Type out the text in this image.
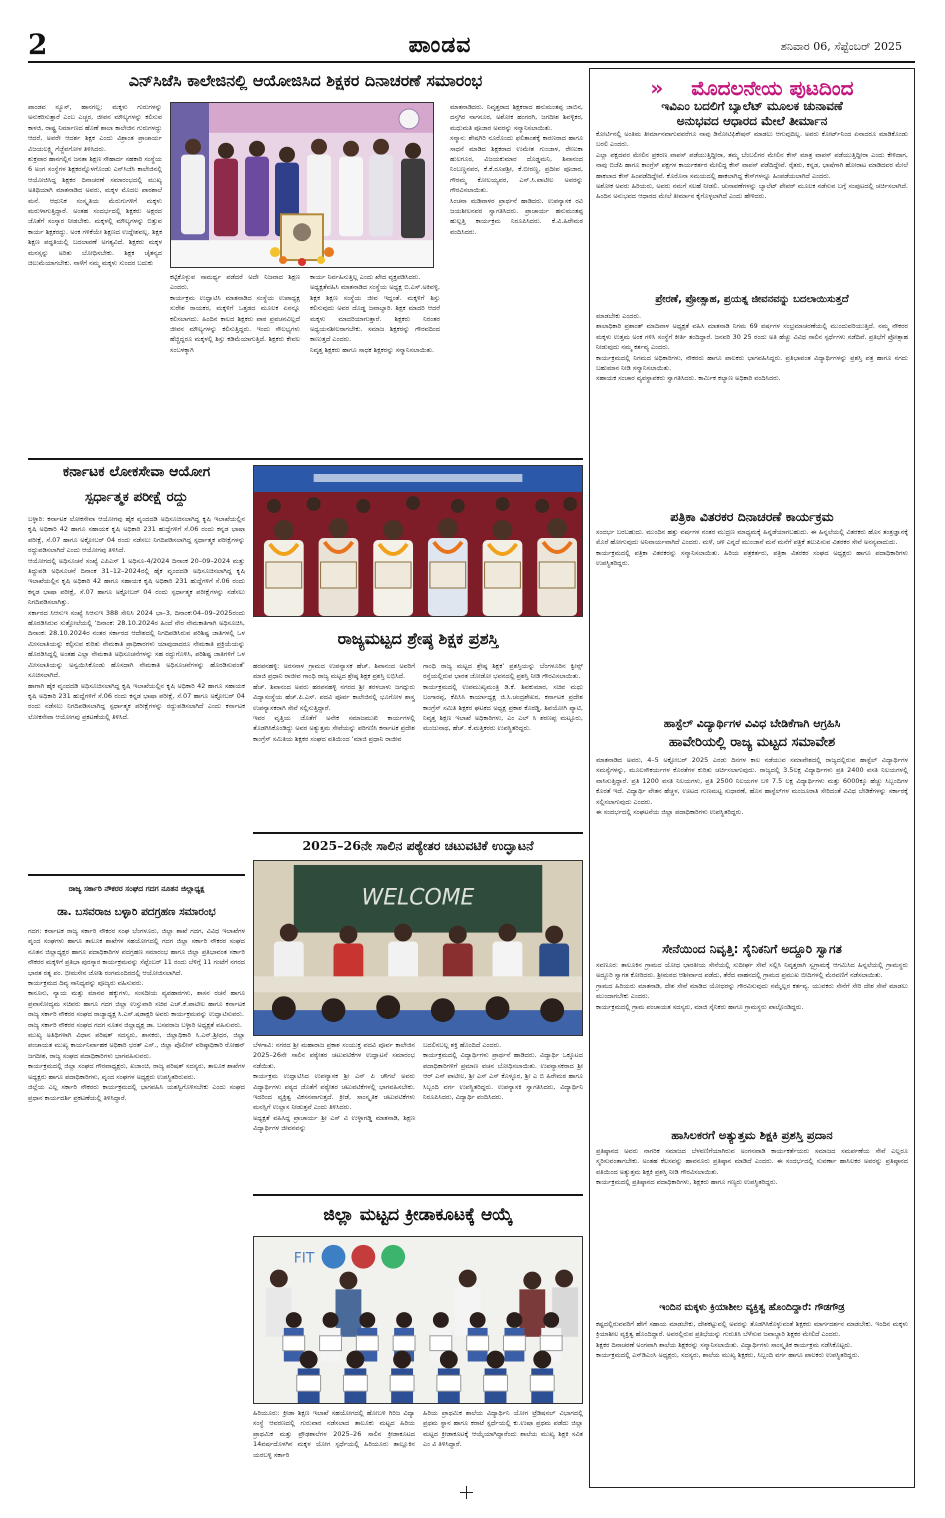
2	ಪಾಂಡವ	ಶನಿವಾರ 06, ಸೆಪ್ಟೆಂಬರ್ 2025
ಎನ್‌ಸಿಜೆಸಿ ಕಾಲೇಜಿನಲ್ಲಿ ಆಯೋಜಿಸಿದ ಶಿಕ್ಷಕರ ದಿನಾಚರಣೆ ಸಮಾರಂಭ
ಪಾಂಡವ ನ್ಯೂಸ್, ಹಾನಗಲ್ಲ: ಮಕ್ಕಳು ಗುರುಗಳನ್ನು ಅನುಕರಿಸುತ್ತಾರೆ ಎಂಬ ಎಚ್ಚರ, ಜೀವನ ಮೌಲ್ಯಗಳನ್ನು ಕಲಿಸುವ ಕಾಳಜಿ, ರಾಷ್ಟ್ರ ನಿರ್ಮಾಣದ ಹೊಣೆ ಶಾಲಾ ಕಾಲೇಜಿನ ಗುರುಗಳದ್ದು ಆದರೆ, ಅವರೇ ಆದರ್ಶ ಶಿಕ್ಷಕ ಎಂದು ವಿಶ್ರಾಂತ ಪ್ರಾಚಾರ್ಯ ವಿಜಯಲಕ್ಷ್ಮಿ ಗೆಜ್ಜೆವಗೋಳ ತಿಳಿಸಿದರು.
ಶುಕ್ರವಾರ ಹಾನಗಲ್ಲಿನ ಜನತಾ ಶಿಕ್ಷಣ ಸೌಹಾರ್ದ ಸಹಕಾರಿ ಸಂಸ್ಥೆಯ 6 ಅಂಗ ಸಂಸ್ಥೆಗಳ ಶಿಕ್ಷಕರನ್ನೊಳಗೊಂಡು ಎನ್‌ಸಿಜೆಸಿ ಕಾಲೇಜಿನಲ್ಲಿ ಆಯೋಜಿಸಿದ್ದ ಶಿಕ್ಷಕರ ದಿನಾಚರಣೆ ಸಮಾರಂಭದಲ್ಲಿ ಮುಖ್ಯ ಅತಿಥಿಯಾಗಿ ಮಾತನಾಡಿದ ಅವರು, ಮಕ್ಕಳ ಮೊದಲ ಪಾಠಶಾಲೆ ಮನೆ. ಆಧುನಿಕ ಸಂಸ್ಕೃತಿಯ ಮೆರುಗುಗಳಿಗೆ ಮಕ್ಕಳು ಮರುಳಾಗುತ್ತಿದ್ದಾರೆ. ಅಂತಹ ಸಂದರ್ಭದಲ್ಲಿ ಶಿಕ್ಷಕರು ಅಕ್ಷರದ ಜೊತೆಗೆ ಸಂಸ್ಕಾರ ನೀಡಬೇಕು. ಮಕ್ಕಳಲ್ಲಿ ಮೌಲ್ಯಗಳನ್ನು ಬಿತ್ತುವ ಕಾರ್ಯ ಶಿಕ್ಷಕರದ್ದು. ಅಂಕ ಗಳಿಕೆಯೇ ಶಿಕ್ಷಣದ ಉದ್ದೇಶವಲ್ಲ. ಶಿಕ್ಷಕ ಶಿಕ್ಷಣ ಪದ್ಧತಿಯಲ್ಲಿ ಬದಲಾವಣೆ ಅಗತ್ಯವಿದೆ. ಶಿಕ್ಷಕರು ಮಕ್ಕಳ ಮನಸ್ಸನ್ನು ಅರಿತು ಬೋಧಿಸಬೇಕು. ಶಿಕ್ಷಕ ಚೈತನ್ಯದ ಚಿಲುಮೆಯಾಗಬೇಕು. ನಾಳೆಗೆ ನಮ್ಮ ಮಕ್ಕಳು ಸುಂದರ ಬದುಕು
ಕಟ್ಟಿಕೊಳ್ಳುವ ಸಾಮರ್ಥ್ಯ ಪಡೆದರೆ ಅದೇ ನಿಜವಾದ ಶಿಕ್ಷಣ ಎಂದರು.
ಕಾರ್ಯಕ್ರಮ ಉದ್ಘಾಟಿಸಿ ಮಾತನಾಡಿದ ಸಂಸ್ಥೆಯ ಉಪಾಧ್ಯಕ್ಷ ಸುರೇಶ ರಾಯಕರ, ಮಕ್ಕಳಿಗೆ ಒತ್ತಡದ ಮೂಲಕ ಏನನ್ನೂ ಕಲಿಸಲಾಗದು. ಹಿಂದಿನ ಕಾಲದ ಶಿಕ್ಷಕರು ಪಾಠ ಪ್ರವಚನವಿಲ್ಲದೆ ಜೀವನ ಮೌಲ್ಯಗಳನ್ನು ಕಲಿಸುತ್ತಿದ್ದರು. ಇಂದು ಸೌಲಭ್ಯಗಳು ಹೆಚ್ಚಿದ್ದರೂ ಮಕ್ಕಳಲ್ಲಿ ಶಿಸ್ತು ಕಡಿಮೆಯಾಗುತ್ತಿದೆ. ಶಿಕ್ಷಕರು ಕೇವಲ ಸಂಬಳಕ್ಕಾಗಿ
ಕಾರ್ಯ ನಿರ್ವಹಿಸುತ್ತಿಲ್ಲ ಎಂದು ಖೇದ ವ್ಯಕ್ತಪಡಿಸಿದರು.
ಅಧ್ಯಕ್ಷತೆವಹಿಸಿ ಮಾತನಾಡಿದ ಸಂಸ್ಥೆಯ ಅಧ್ಯಕ್ಷ ಬಿ.ಎಸ್.ಅಕಿವಳ್ಳಿ, ಶಿಕ್ಷಕ ಶಿಕ್ಷಣ ಸಂಸ್ಥೆಯ ಜೀವ ಇದ್ದಂತೆ. ಮಕ್ಕಳಿಗೆ ಶಿಸ್ತು ಕಲಿಸುವುದು ಅವರ ದೊಡ್ಡ ಜವಾಬ್ದಾರಿ. ಶಿಕ್ಷಕ ಮಾದರಿ ಆದರೆ ಮಕ್ಕಳು ಮಾದರಿಯಾಗುತ್ತಾರೆ. ಶಿಕ್ಷಕರು ನಿರಂತರ ಅಧ್ಯಯನಶೀಲರಾಗಬೇಕು. ಸಮಾಜ ಶಿಕ್ಷಕರನ್ನು ಗೌರವದಿಂದ ಕಾಣುತ್ತದೆ ಎಂದರು.
ನಿವೃತ್ತ ಶಿಕ್ಷಕರು ಹಾಗೂ ಸಾಧಕ ಶಿಕ್ಷಕರನ್ನು ಸನ್ಮಾನಿಸಲಾಯಿತು.
ಮಾತನಾಡಿದರು. ನಿವೃತ್ತರಾದ ಶಿಕ್ಷಕರಾದ ಹನುಮಂತಪ್ಪ ಜಾಬಿನ, ದಸ್ತಗಿರ ನಾಗನೂರ, ಅಶೋಕ ಹಂಗರಗಿ, ಜಗದೀಶ ಶಿವಳ್ಳಿಕರ, ಮಧುಮತಿ ಪೂಜಾರ ಅವರನ್ನು ಸನ್ಮಾನಿಸಲಾಯಿತು.
ಸನ್ಮಾನ: ಶೇಷಗಿರಿ ನೂರೊಂದು ಫಲಿತಾಂಶಕ್ಕೆ ಕಾರಣರಾದ ಹಾಗೂ ಸಾಧನೆ ಮಾಡಿದ ಶಿಕ್ಷಕರಾದ ಉಮೇಶ ಗುಂಜಾಳ, ರೇಣುಕಾ ಹುಲಗೂರ, ವಿಜಯಕುಮಾರ ದೊಡ್ಡಮನಿ, ಶಿವಾನಂದ ನಿಂಬಣ್ಣನವರ, ಕೆ.ಕೆ.ರೂಪಶ್ರೀ, ಕೆ.ಬೀರಣ್ಣ, ಪ್ರದೀಪ ಪೂಜಾರ, ಗೌರಮ್ಮ ಕೋಲಯ್ಯವರ, ಎಸ್.ಸಿ.ಪಾಟೀಲ ಅವರನ್ನು ಗೌರವಿಸಲಾಯಿತು.
ಸಿಂಚನಾ ಮಡಿವಾಳರ ಪ್ರಾರ್ಥನೆ ಹಾಡಿದರು. ಉಪನ್ಯಾಸಕ ರವಿ ಜಯಶೀಲನವರ ಸ್ವಾಗತಿಸಿದರು. ಪ್ರಾಚಾರ್ಯ ಹನುಮಂತಪ್ಪ ಹುಲ್ಲತ್ತಿ ಕಾರ್ಯಕ್ರಮ ನಿರೂಪಿಸಿದರು. ಕೆ.ವಿ.ಹಿರೇಮಠ ವಂದಿಸಿದರು.
ಕರ್ನಾಟಕ ಲೋಕಸೇವಾ ಆಯೋಗ
ಸ್ಪರ್ಧಾತ್ಮಕ ಪರೀಕ್ಷೆ ರದ್ದು
ಬಳ್ಳಾರಿ: ಕರ್ನಾಟಕ ಲೋಕಸೇವಾ ಆಯೋಗವು ಹೈಕ ವೃಂದದಡಿ ಅಧಿಸೂಚಿಸಲಾಗಿದ್ದ ಕೃಷಿ ಇಲಾಖೆಯಲ್ಲಿನ ಕೃಷಿ ಅಧಿಕಾರಿ 42 ಹಾಗೂ ಸಹಾಯಕ ಕೃಷಿ ಅಧಿಕಾರಿ 231 ಹುದ್ದೆಗಳಿಗೆ ಸೆ.06 ರಂದು ಕನ್ನಡ ಭಾಷಾ ಪರೀಕ್ಷೆ, ಸೆ.07 ಹಾಗೂ ಅಕ್ಟೋಬರ್ 04 ರಂದು ನಡೆಸಲು ನಿಗದಿಪಡಿಸಲಾಗಿದ್ದ ಸ್ಪರ್ಧಾತ್ಮಕ ಪರೀಕ್ಷೆಗಳನ್ನು ರದ್ದುಪಡಿಸಲಾಗಿದೆ ಎಂದು ಆಯೋಗವು ತಿಳಿಸಿದೆ.
ಆಯೋಗದಲ್ಲಿ ಅಧಿಸೂಚನೆ ಸಂಖ್ಯೆ ಎಪಿಎಸ್ 1 ಅಧಿಸೂ-4/2024 ದಿನಾಂಕ 20–09–2024 ಮತ್ತು ತಿದ್ದುಪಡಿ ಅಧಿಸೂಚನೆ ದಿನಾಂಕ 31–12–2024ರಲ್ಲಿ ಹೈಕ ವೃಂದದಡಿ ಅಧಿಸೂಚಿಸಲಾಗಿದ್ದ ಕೃಷಿ ಇಲಾಖೆಯಲ್ಲಿನ ಕೃಷಿ ಅಧಿಕಾರಿ 42 ಹಾಗೂ ಸಹಾಯಕ ಕೃಷಿ ಅಧಿಕಾರಿ 231 ಹುದ್ದೆಗಳಿಗೆ ಸೆ.06 ರಂದು ಕನ್ನಡ ಭಾಷಾ ಪರೀಕ್ಷೆ, ಸೆ.07 ಹಾಗೂ ಅಕ್ಟೋಬರ್ 04 ರಂದು ಸ್ಪರ್ಧಾತ್ಮಕ ಪರೀಕ್ಷೆಗಳನ್ನು ನಡೆಸಲು ನಿಗದಿಪಡಿಸಲಾಗಿತ್ತು.
ಸರ್ಕಾರದ ಸಿಆಸುಇ ಸಂಖ್ಯೆ ಸಿಆಸುಇ 388 ಸೇನಿಸಿ 2024 ಭಾ–3, ದಿನಾಂಕ:04–09–2025ರಂದು ಹೊರಡಿಸಿರುವ ಸುತ್ತೋಲೆಯಲ್ಲಿ ‘ದಿನಾಂಕ: 28.10.2024ರ ಹಿಂದೆ ನೇರ ನೇಮಕಾತಿಗಾಗಿ ಅಧಿಸೂಚಿಸಿ, ದಿನಾಂಕ: 28.10.2024ರ ನಂತರ ಸರ್ಕಾರದ ಆದೇಶದಲ್ಲಿ ನಿಗದಿಪಡಿಸಿರುವ ಪರಿಶಿಷ್ಟ ಜಾತಿಗಳಲ್ಲಿ ಒಳ ಮೀಸಲಾತಿಯನ್ನು ಕಲ್ಪಿಸುವ ಕುರಿತು ನೇಮಕಾತಿ ಪ್ರಾಧಿಕಾರಗಳು ಯಾವುದಾದರೂ ನೇಮಕಾತಿ ಪ್ರಕ್ರಿಯೆಯನ್ನು ಹೊರಡಿಸಿದ್ದಲ್ಲಿ ಅಂತಹ ಎಲ್ಲಾ ನೇಮಕಾತಿ ಅಧಿಸೂಚನೆಗಳನ್ನು ಸಹ ರದ್ದುಗೊಳಿಸಿ, ಪರಿಶಿಷ್ಟ ಜಾತಿಗಳಿಗೆ ಒಳ ಮೀಸಲಾತಿಯನ್ನು ಅನ್ವಯಿಸಿಕೊಂಡು ಹೊಸದಾಗಿ ನೇಮಕಾತಿ ಅಧಿಸೂಚನೆಗಳನ್ನು ಹೊರಡಿಸುವಂತೆ’ ಸೂಚಿಸಲಾಗಿದೆ.
ಹಾಗಾಗಿ ಹೈಕ ವೃಂದದಡಿ ಅಧಿಸೂಚಿಸಲಾಗಿದ್ದ ಕೃಷಿ ಇಲಾಖೆಯಲ್ಲಿನ ಕೃಷಿ ಅಧಿಕಾರಿ 42 ಹಾಗೂ ಸಹಾಯಕ ಕೃಷಿ ಅಧಿಕಾರಿ 231 ಹುದ್ದೆಗಳಿಗೆ ಸೆ.06 ರಂದು ಕನ್ನಡ ಭಾಷಾ ಪರೀಕ್ಷೆ, ಸೆ.07 ಹಾಗೂ ಅಕ್ಟೋಬರ್ 04 ರಂದು ನಡೆಸಲು ನಿಗದಿಪಡಿಸಲಾಗಿದ್ದ ಸ್ಪರ್ಧಾತ್ಮಕ ಪರೀಕ್ಷೆಗಳನ್ನು ರದ್ದುಪಡಿಸಲಾಗಿದೆ ಎಂದು ಕರ್ನಾಟಕ ಲೋಕಸೇವಾ ಆಯೋಗವು ಪ್ರಕಟಣೆಯಲ್ಲಿ ತಿಳಿಸಿದೆ.
ರಾಜ್ಯ ಸರ್ಕಾರಿ ನೌಕರರ ಸಂಘದ ಗದಗ ನೂತನ ಜಿಲ್ಲಾಧ್ಯಕ್ಷ
ಡಾ. ಬಸವರಾಜ ಬಳ್ಳಾರಿ ಪದಗ್ರಹಣ ಸಮಾರಂಭ
ಗದಗ: ಕರ್ನಾಟಕ ರಾಜ್ಯ ಸರ್ಕಾರಿ ನೌಕರರ ಸಂಘ ಬೆಂಗಳೂರು, ಜಿಲ್ಲಾ ಶಾಖೆ ಗದಗ, ವಿವಿಧ ಇಲಾಖೆಗಳ ವೃಂದ ಸಂಘಗಳು ಹಾಗೂ ತಾಲೂಕ ಶಾಖೆಗಳ ಸಹಯೋಗದಲ್ಲಿ ಗದಗ ಜಿಲ್ಲಾ ಸರ್ಕಾರಿ ನೌಕರರ ಸಂಘದ ನೂತನ ಜಿಲ್ಲಾಧ್ಯಕ್ಷರ ಹಾಗೂ ಪದಾಧಿಕಾರಿಗಳ ಪದಗ್ರಹಣ ಸಮಾರಂಭ ಹಾಗೂ ಜಿಲ್ಲಾ ಪ್ರತಿಭಾವಂತ ಸರ್ಕಾರಿ ನೌಕರರ ಮಕ್ಕಳಿಗೆ ಪ್ರತಿಭಾ ಪುರಸ್ಕಾರ ಕಾರ್ಯಕ್ರಮವನ್ನು ಸೆಪ್ಟೆಂಬರ್ 11 ರಂದು ಬೆಳಿಗ್ಗೆ 11 ಗಂಟೆಗೆ ನಗರದ ಭಾರತ ರತ್ನ ಪಂ. ಭೀಮಸೇನ ಜೋಶಿ ರಂಗಮಂದಿರದಲ್ಲಿ ಆಯೋಜಿಸಲಾಗಿದೆ.
ಕಾರ್ಯಕ್ರಮದ ದಿವ್ಯ ಸಾನಿಧ್ಯವನ್ನು ಪೂಜ್ಯರು ವಹಿಸುವರು.
ಕಾನೂನು, ನ್ಯಾಯ ಮತ್ತು ಮಾನವ ಹಕ್ಕುಗಳು, ಸಂಸದೀಯ ವ್ಯವಹಾರಗಳು, ಶಾಸನ ರಚನೆ ಹಾಗೂ ಪ್ರವಾಸೋದ್ಯಮ ಸಚಿವರು ಹಾಗೂ ಗದಗ ಜಿಲ್ಲಾ ಉಸ್ತುವಾರಿ ಸಚಿವ ಎಚ್.ಕೆ.ಪಾಟೀಲ ಹಾಗೂ ಕರ್ನಾಟಕ ರಾಜ್ಯ ಸರ್ಕಾರಿ ನೌಕರರ ಸಂಘದ ರಾಜ್ಯಾಧ್ಯಕ್ಷ ಸಿ.ಎಸ್.ಷಡಾಕ್ಷರಿ ಅವರು ಕಾರ್ಯಕ್ರಮವನ್ನು ಉದ್ಘಾಟಿಸುವರು.
ರಾಜ್ಯ ಸರ್ಕಾರಿ ನೌಕರರ ಸಂಘದ ಗದಗ ನೂತನ ಜಿಲ್ಲಾಧ್ಯಕ್ಷ ಡಾ. ಬಸವರಾಜ ಬಳ್ಳಾರಿ ಅಧ್ಯಕ್ಷತೆ ವಹಿಸುವರು.
ಮುಖ್ಯ ಅತಿಥಿಗಳಾಗಿ ವಿಧಾನ ಪರಿಷತ್ ಸದಸ್ಯರು, ಶಾಸಕರು, ಜಿಲ್ಲಾಧಿಕಾರಿ ಸಿ.ಎನ್.ಶ್ರೀಧರ, ಜಿಲ್ಲಾ ಪಂಚಾಯತ ಮುಖ್ಯ ಕಾರ್ಯನಿರ್ವಾಹಕ ಅಧಿಕಾರಿ ಭರತ್ ಎಸ್., ಜಿಲ್ಲಾ ಪೊಲೀಸ್ ವರಿಷ್ಠಾಧಿಕಾರಿ ರೋಹನ್ ಜಗದೀಶ, ರಾಜ್ಯ ಸಂಘದ ಪದಾಧಿಕಾರಿಗಳು ಭಾಗವಹಿಸುವರು.
ಕಾರ್ಯಕ್ರಮದಲ್ಲಿ ಜಿಲ್ಲಾ ಸಂಘದ ಗೌರವಾಧ್ಯಕ್ಷರು, ಖಜಾಂಚಿ, ರಾಜ್ಯ ಪರಿಷತ್ ಸದಸ್ಯರು, ತಾಲೂಕ ಶಾಖೆಗಳ ಅಧ್ಯಕ್ಷರು ಹಾಗೂ ಪದಾಧಿಕಾರಿಗಳು, ವೃಂದ ಸಂಘಗಳ ಅಧ್ಯಕ್ಷರು ಉಪಸ್ಥಿತರಿರುವರು.
ಜಿಲ್ಲೆಯ ಎಲ್ಲ ಸರ್ಕಾರಿ ನೌಕರರು ಕಾರ್ಯಕ್ರಮದಲ್ಲಿ ಭಾಗವಹಿಸಿ ಯಶಸ್ವಿಗೊಳಿಸಬೇಕು ಎಂದು ಸಂಘದ ಪ್ರಧಾನ ಕಾರ್ಯದರ್ಶಿ ಪ್ರಕಟಣೆಯಲ್ಲಿ ತಿಳಿಸಿದ್ದಾರೆ.
ರಾಜ್ಯಮಟ್ಟದ ಶ್ರೇಷ್ಠ ಶಿಕ್ಷಕ ಪ್ರಶಸ್ತಿ
ಹರಪನಹಳ್ಳಿ: ಅರಸನಾಳ ಗ್ರಾಮದ ಉಪನ್ಯಾಸಕ ಹೆಚ್. ಶಿವಾನಂದ ಅವರಿಗೆ ಮಾಜಿ ಪ್ರಧಾನಿ ರಾಜೀವ ಗಾಂಧಿ ರಾಜ್ಯ ಮಟ್ಟದ ಶ್ರೇಷ್ಠ ಶಿಕ್ಷಕ ಪ್ರಶಸ್ತಿ ಲಭಿಸಿದೆ.
ಹೆಚ್. ಶಿವಾನಂದ ಅವರು ಹರಪನಹಳ್ಳಿ ನಗರದ ಶ್ರೀ ತರಳಬಾಳು ಜಗದ್ಗುರು ವಿದ್ಯಾಸಂಸ್ಥೆಯ ಹೆಚ್.ಪಿ.ಎಸ್. ಪದವಿ ಪೂರ್ವ ಕಾಲೇಜಿನಲ್ಲಿ ಭೂಗೋಳ ಶಾಸ್ತ್ರ ಉಪನ್ಯಾಸಕರಾಗಿ ಸೇವೆ ಸಲ್ಲಿಸುತ್ತಿದ್ದಾರೆ.
ಇವರ ವೃತ್ತಿಯ ಜೊತೆಗೆ ಅನೇಕ ಸಮಾಜಮುಖಿ ಕಾರ್ಯಗಳಲ್ಲಿ ತೊಡಗಿಸಿಕೊಂಡಿದ್ದು ಅವರ ಅತ್ಯುತ್ತಮ ಸೇವೆಯನ್ನು ಪರಿಗಣಿಸಿ ಕರ್ನಾಟಕ ಪ್ರದೇಶ ಕಾಂಗ್ರೆಸ್ ಸಮಿತಿಯ ಶಿಕ್ಷಕರ ಸಂಘದ ವತಿಯಿಂದ ‘ಮಾಜಿ ಪ್ರಧಾನಿ ರಾಜೀವ
ಗಾಂಧಿ ರಾಜ್ಯ ಮಟ್ಟದ ಶ್ರೇಷ್ಠ ಶಿಕ್ಷಕ’ ಪ್ರಶಸ್ತಿಯನ್ನು ಬೆಂಗಳೂರಿನ ಕ್ವೀನ್ಸ್ ರಸ್ತೆಯಲ್ಲಿರುವ ಭಾರತ ಜೋಡೋ ಭವನದಲ್ಲಿ ಪ್ರಶಸ್ತಿ ನೀಡಿ ಗೌರವಿಸಲಾಯಿತು.
ಕಾರ್ಯಕ್ರಮದಲ್ಲಿ ಉಪಮುಖ್ಯಮಂತ್ರಿ ಡಿ.ಕೆ. ಶಿವಕುಮಾರ, ಸಚಿವ ಮಧು ಬಂಗಾರಪ್ಪ, ಕೆಪಿಸಿಸಿ ಕಾರ್ಯಾಧ್ಯಕ್ಷ ಜಿ.ಸಿ.ಚಂದ್ರಶೇಖರ, ಕರ್ನಾಟಕ ಪ್ರದೇಶ ಕಾಂಗ್ರೆಸ್ ಸಮಿತಿ ಶಿಕ್ಷಕರ ಘಟಕದ ಅಧ್ಯಕ್ಷ ಪ್ರಕಾಶ ಕೊರಡ್ಡಿ, ಶಿವಯೋಗಿ ಪ್ಯಾಟಿ, ನಿವೃತ್ತ ಶಿಕ್ಷಣ ಇಲಾಖೆ ಅಧಿಕಾರಿಗಳು, ಎಂ ಎಲ್ ಸಿ ಶರಣಪ್ಪ ಮಟ್ಟೂರು, ಮಂಜುನಾಥ, ಹೆಚ್. ಕೆ.ಮತ್ತಿಕರರು ಉಪಸ್ಥಿತರಿದ್ದರು.
2025–26ನೇ ಸಾಲಿನ ಪಠ್ಯೇತರ ಚಟುವಟಿಕೆ ಉದ್ಘಾಟನೆ
WELCOME
ಬೆಳಗಾವಿ: ನಗರದ ಶ್ರೀ ಮಹಾರಾಜ ಪ್ರಕಾಶ ಸಂಯುಕ್ತ ಪದವಿ ಪೂರ್ವ ಕಾಲೇಜಿನ 2025–26ನೇ ಸಾಲಿನ ಪಠ್ಯೇತರ ಚಟುವಟಿಕೆಗಳ ಉದ್ಘಾಟನೆ ಸಮಾರಂಭ ನಡೆಯಿತು.
ಕಾರ್ಯಕ್ರಮ ಉದ್ಘಾಟಿಸಿದ ಉಪನ್ಯಾಸಕ ಶ್ರೀ ಎನ್ ಪಿ ಚೌಗಲೆ ಅವರು ವಿದ್ಯಾರ್ಥಿಗಳು ಪಠ್ಯದ ಜೊತೆಗೆ ಪಠ್ಯೇತರ ಚಟುವಟಿಕೆಗಳಲ್ಲಿ ಭಾಗವಹಿಸಬೇಕು. ಇದರಿಂದ ವ್ಯಕ್ತಿತ್ವ ವಿಕಸನವಾಗುತ್ತದೆ. ಕ್ರೀಡೆ, ಸಾಂಸ್ಕೃತಿಕ ಚಟುವಟಿಕೆಗಳು ಮನಸ್ಸಿಗೆ ಉಲ್ಲಾಸ ನೀಡುತ್ತವೆ ಎಂದು ತಿಳಿಸಿದರು.
ಅಧ್ಯಕ್ಷತೆ ವಹಿಸಿದ್ದ ಪ್ರಾಚಾರ್ಯ ಶ್ರೀ ಎಸ್ ವಿ ಉಳ್ಳಾಗಡ್ಡಿ ಮಾತನಾಡಿ, ಶಿಕ್ಷಣ ವಿದ್ಯಾರ್ಥಿಗಳ ಜೀವನವನ್ನು
ಬದಲಿಸಬಲ್ಲ ಶಕ್ತಿ ಹೊಂದಿದೆ ಎಂದರು.
ಕಾರ್ಯಕ್ರಮದಲ್ಲಿ ವಿದ್ಯಾರ್ಥಿಗಳು ಪ್ರಾರ್ಥನೆ ಹಾಡಿದರು. ವಿದ್ಯಾರ್ಥಿ ಒಕ್ಕೂಟದ ಪದಾಧಿಕಾರಿಗಳಿಗೆ ಪ್ರಮಾಣ ವಚನ ಬೋಧಿಸಲಾಯಿತು. ಉಪನ್ಯಾಸಕರಾದ ಶ್ರೀ ಆರ್ ಎಸ್ ಪಾಟೀಲ, ಶ್ರೀ ಎಸ್ ಎಸ್ ಕೊಳ್ಳೂರ, ಶ್ರೀ ಎ ಬಿ ಹಿರೇಮಠ ಹಾಗೂ ಸಿಬ್ಬಂದಿ ವರ್ಗ ಉಪಸ್ಥಿತರಿದ್ದರು. ಉಪನ್ಯಾಸಕಿ ಸ್ವಾಗತಿಸಿದರು, ವಿದ್ಯಾರ್ಥಿನಿ ನಿರೂಪಿಸಿದರು, ವಿದ್ಯಾರ್ಥಿ ವಂದಿಸಿದರು.
ಜಿಲ್ಲಾ ಮಟ್ಟದ ಕ್ರೀಡಾಕೂಟಕ್ಕೆ ಆಯ್ಕೆ
FIT
ಹಿರಿಯೂರು: ಕ್ರೀಡಾ ಶಿಕ್ಷಣ ಇಲಾಖೆ ಸಹಯೋಗದಲ್ಲಿ ಹೋಬಳಿ ಗಿರಿಜ ವಿದ್ಯಾ ಸಂಸ್ಥೆ ಆವರಣದಲ್ಲಿ ಗುರುವಾರ ನಡೆಸಲಾದ ತಾಲೂಕು ಮಟ್ಟದ ಹಿರಿಯ ಪ್ರಾಥಮಿಕ ಮತ್ತು ಪ್ರೌಢಶಾಲೆಗಳ 2025–26 ಸಾಲಿನ ಕ್ರೀಡಾಕೂಟದ 14ವರ್ಷದೊಳಗಿನ ಮಕ್ಕಳ ಯೋಗ ಸ್ಪರ್ಧೆಯಲ್ಲಿ ಹಿರಿಯೂರು ತಾಲ್ಲೂಕಿನ ಯರಬಳ್ಳಿ ಸರ್ಕಾರಿ
ಹಿರಿಯ ಪ್ರಾಥಮಿಕ ಶಾಲೆಯ ವಿದ್ಯಾರ್ಥಿನಿ ಯೋಗ ಟ್ರೆಡಿಷನಲ್ ವಿಭಾಗದಲ್ಲಿ ಪ್ರಥಮ ಸ್ಥಾನ ಹಾಗೂ ಕರಾಟೆ ಸ್ಪರ್ಧೆಯಲ್ಲಿ ಕು.ಉಷಾ ಪ್ರಥಮ ಪಡೆದು ಜಿಲ್ಲಾ ಮಟ್ಟದ ಕ್ರೀಡಾಕೂಟಕ್ಕೆ ಆಯ್ಕೆಯಾಗಿದ್ದಾರೆಂದು ಶಾಲೆಯ ಮುಖ್ಯ ಶಿಕ್ಷಕಿ ಸವಿತ ಎಂ ವಿ ತಿಳಿಸಿದ್ದಾರೆ.
» ಮೊದಲನೇಯ ಪುಟದಿಂದ
ಇವಿಎಂ ಬದಲಿಗೆ ಬ್ಯಾಲೆಟ್ ಮೂಲಕ ಚುನಾವಣೆ
ಅನುಭವದ ಆಧಾರದ ಮೇಲೆ ತೀರ್ಮಾನ
ಕೋರ್ಟಿನಲ್ಲಿ ಅಂತಿಮ ತೀರ್ಮಾನವಾಗುವವರೆಗೂ ನಾವು ಡಿನೋಟಿಫಿಕೇಷನ್ ಮಾಡಲು ಆಗುವುದಿಲ್ಲ. ಅವರು ಕೋರ್ಟ್‌ನಿಂದ ಏನಾದರೂ ಮಾಡಿಕೊಂಡು ಬರಲಿ ಎಂದರು.
ಎಲ್ಲಾ ಪಕ್ಷದವರ ಮೇಲಿನ ಪ್ರಕರಣ ವಾಪಸ್ ಪಡೆಯುತ್ತಿದ್ದೀರಾ, ತಮ್ಮ ಬೆಂಬಲಿಗರ ಮೇಲಿನ ಕೇಸ್ ಮಾತ್ರ ವಾಪಸ್ ಪಡೆಯುತ್ತಿದ್ದೀರಾ ಎಂದು ಕೇಳಿದಾಗ, ನಾವು ಬಿಜೆಪಿ ಹಾಗೂ ಕಾಂಗ್ರೆಸ್ ಪಕ್ಷಗಳ ಕಾರ್ಯಕರ್ತರ ಮೇಲಿದ್ದ ಕೇಸ್ ವಾಪಸ್ ಪಡೆದಿದ್ದೇವೆ. ರೈತರು, ಕನ್ನಡ, ಭಾಷೆಗಾಗಿ ಹೋರಾಟ ಮಾಡಿದವರ ಮೇಲೆ ಹಾಕಲಾದ ಕೇಸ್ ಹಿಂಪಡೆದಿದ್ದೇವೆ. ಕೊರೊನಾ ಸಮಯದಲ್ಲಿ ಹಾಕಲಾಗಿದ್ದ ಕೇಸ್‌ಗಳನ್ನೂ ಹಿಂಪಡೆಯಲಾಗಿದೆ ಎಂದರು.
ಅಶೋಕ ಅವರು ಹಿರಿಯರು, ಅವರು ನಮಗೆ ಸಲಹೆ ನೀಡಲಿ. ಚುನಾವಣೆಗಳನ್ನು ಬ್ಯಾಲೆಟ್ ಪೇಪರ್ ಮೂಲಕ ನಡೆಸುವ ಬಗ್ಗೆ ಸಂಪುಟದಲ್ಲಿ ಚರ್ಚಿಸಲಾಗಿದೆ. ಹಿಂದಿನ ಅನುಭವದ ಆಧಾರದ ಮೇಲೆ ತೀರ್ಮಾನ ಕೈಗೊಳ್ಳಲಾಗಿದೆ ಎಂದು ಹೇಳಿದರು.
ಪ್ರೇರಣೆ, ಪ್ರೋತ್ಸಾಹ, ಪ್ರಯತ್ನ ಜೀವನವನ್ನು ಬದಲಾಯಿಸುತ್ತದೆ
ಮಾಡಬೇಕು ಎಂದರು.
ಶಾಲಾಧಿಕಾರಿ ಪ್ರಶಾಂತ್ ಮಾದಿವಾಳ ಅಧ್ಯಕ್ಷತೆ ವಹಿಸಿ ಮಾತನಾಡಿ ನಿಗಮ 69 ವರ್ಷಗಳ ಸಂಭ್ರಮಾಚರಣೆಯಲ್ಲಿ ಮುಂದುವರಿಯುತ್ತಿದೆ. ನಮ್ಮ ನೌಕರರ ಮಕ್ಕಳು ಉತ್ತಮ ಅಂಕ ಗಳಿಸಿ ಸಂಸ್ಥೆಗೆ ಕೀರ್ತಿ ತಂದಿದ್ದಾರೆ. ಜನವರಿ 30 25 ರಂದು ಅತಿ ಹೆಚ್ಚು ವಿವಿಧ ಸಾಲಿನ ಸ್ಪರ್ಧೆಗಳು ನಡೆದಿವೆ. ಪ್ರತಿಭೆಗೆ ಪ್ರೋತ್ಸಾಹ ನೀಡುವುದು ನಮ್ಮ ಕರ್ತವ್ಯ ಎಂದರು.
ಕಾರ್ಯಕ್ರಮದಲ್ಲಿ ನಿಗಮದ ಅಧಿಕಾರಿಗಳು, ನೌಕರರು ಹಾಗೂ ಪಾಲಕರು ಭಾಗವಹಿಸಿದ್ದರು. ಪ್ರತಿಭಾವಂತ ವಿದ್ಯಾರ್ಥಿಗಳನ್ನು ಪ್ರಶಸ್ತಿ ಪತ್ರ ಹಾಗೂ ನಗದು ಬಹುಮಾನ ನೀಡಿ ಸನ್ಮಾನಿಸಲಾಯಿತು.
ಸಹಾಯಕ ಸಂಚಾರ ವ್ಯವಸ್ಥಾಪಕರು ಸ್ವಾಗತಿಸಿದರು. ಕಾರ್ಮಿಕ ಕಲ್ಯಾಣ ಅಧಿಕಾರಿ ವಂದಿಸಿದರು.
ಪತ್ರಿಕಾ ವಿತರಕರ ದಿನಾಚರಣೆ ಕಾರ್ಯಕ್ರಮ
ಸಂದರ್ಭ ಬರಬಹುದು. ಮುಂದಿನ ಹತ್ತು ವರ್ಷಗಳ ನಂತರ ಮುದ್ರಣ ಮಾಧ್ಯಮಕ್ಕೆ ಹಿನ್ನಡೆಯಾಗಬಹುದು. ಈ ಹಿನ್ನಲೆಯಲ್ಲಿ ವಿತರಕರು ಹೊಸ ತಂತ್ರಜ್ಞಾನಕ್ಕೆ ಮೊರೆ ಹೋಗುವುದು ಅನಿವಾರ್ಯವಾಗಿದೆ ಎಂದರು. ಮಳೆ, ಚಳಿ ಎನ್ನದೆ ಮುಂಜಾನೆ ಮನೆ ಮನೆಗೆ ಪತ್ರಿಕೆ ತಲುಪಿಸುವ ವಿತರಕರ ಸೇವೆ ಅನನ್ಯವಾದುದು.
ಕಾರ್ಯಕ್ರಮದಲ್ಲಿ ಪತ್ರಿಕಾ ವಿತರಕರನ್ನು ಸನ್ಮಾನಿಸಲಾಯಿತು. ಹಿರಿಯ ಪತ್ರಕರ್ತರು, ಪತ್ರಿಕಾ ವಿತರಕರ ಸಂಘದ ಅಧ್ಯಕ್ಷರು ಹಾಗೂ ಪದಾಧಿಕಾರಿಗಳು ಉಪಸ್ಥಿತರಿದ್ದರು.
ಹಾಸ್ಟೆಲ್ ವಿದ್ಯಾರ್ಥಿಗಳ ವಿವಿಧ ಬೇಡಿಕೆಗಾಗಿ ಆಗ್ರಹಿಸಿ
ಹಾವೇರಿಯಲ್ಲಿ ರಾಜ್ಯ ಮಟ್ಟದ ಸಮಾವೇಶ
ಮಾತನಾಡಿದ ಅವರು, 4–5 ಅಕ್ಟೋಬರ್ 2025 ಎರಡು ದಿನಗಳ ಕಾಲ ನಡೆಯುವ ಸಮಾವೇಶದಲ್ಲಿ ರಾಜ್ಯದಲ್ಲಿರುವ ಹಾಸ್ಟೆಲ್ ವಿದ್ಯಾರ್ಥಿಗಳ ಸಮಸ್ಯೆಗಳನ್ನು, ಮೂಲಸೌಕರ್ಯಗಳ ಕೊರತೆಗಳ ಕುರಿತು ಚರ್ಚಿಸಲಾಗುವುದು. ರಾಜ್ಯದಲ್ಲಿ 3.5ಲಕ್ಷ ವಿದ್ಯಾರ್ಥಿಗಳು ಪ್ರತಿ 2400 ವಸತಿ ನಿಲಯಗಳಲ್ಲಿ ವಾಸಿಸುತ್ತಿದ್ದಾರೆ. ಪ್ರತಿ 1200 ವಸತಿ ನಿಲಯಗಳು, ಪ್ರತಿ 2500 ನಿಲಯಗಳ ಬಳಿ 7.5 ಲಕ್ಷ ವಿದ್ಯಾರ್ಥಿಗಳು ಮತ್ತು 6000ಕ್ಕೂ ಹೆಚ್ಚು ಸಿಬ್ಬಂದಿಗಳ ಕೊರತೆ ಇದೆ. ವಿದ್ಯಾರ್ಥಿ ವೇತನ ಹೆಚ್ಚಳ, ಊಟದ ಗುಣಮಟ್ಟ ಸುಧಾರಣೆ, ಹೊಸ ಹಾಸ್ಟೆಲ್‌ಗಳ ಮಂಜೂರಾತಿ ಸೇರಿದಂತೆ ವಿವಿಧ ಬೇಡಿಕೆಗಳನ್ನು ಸರ್ಕಾರಕ್ಕೆ ಸಲ್ಲಿಸಲಾಗುವುದು ಎಂದರು.
ಈ ಸಂದರ್ಭದಲ್ಲಿ ಸಂಘಟನೆಯ ಜಿಲ್ಲಾ ಪದಾಧಿಕಾರಿಗಳು ಉಪಸ್ಥಿತರಿದ್ದರು.
ಸೇನೆಯಿಂದ ನಿವೃತ್ತಿ: ಸೈನಿಕನಿಗೆ ಅದ್ದೂರಿ ಸ್ವಾಗತ
ಸವಣೂರ: ತಾಲೂಕಿನ ಗ್ರಾಮದ ಯೋಧ ಭಾರತೀಯ ಸೇನೆಯಲ್ಲಿ ಸುದೀರ್ಘ ಸೇವೆ ಸಲ್ಲಿಸಿ ನಿವೃತ್ತರಾಗಿ ಸ್ವಗ್ರಾಮಕ್ಕೆ ಆಗಮಿಸಿದ ಹಿನ್ನಲೆಯಲ್ಲಿ ಗ್ರಾಮಸ್ಥರು ಅದ್ದೂರಿ ಸ್ವಾಗತ ಕೋರಿದರು. ಶ್ರೀಮಠದ ಆಶೀರ್ವಾದ ಪಡೆದು, ತೆರೆದ ವಾಹನದಲ್ಲಿ ಗ್ರಾಮದ ಪ್ರಮುಖ ಬೀದಿಗಳಲ್ಲಿ ಮೆರವಣಿಗೆ ನಡೆಸಲಾಯಿತು.
ಗ್ರಾಮದ ಹಿರಿಯರು ಮಾತನಾಡಿ, ದೇಶ ಸೇವೆ ಮಾಡಿದ ಯೋಧರನ್ನು ಗೌರವಿಸುವುದು ನಮ್ಮೆಲ್ಲರ ಕರ್ತವ್ಯ. ಯುವಕರು ಸೇನೆಗೆ ಸೇರಿ ದೇಶ ಸೇವೆ ಮಾಡಲು ಮುಂದಾಗಬೇಕು ಎಂದರು.
ಕಾರ್ಯಕ್ರಮದಲ್ಲಿ ಗ್ರಾಮ ಪಂಚಾಯತ ಸದಸ್ಯರು, ಮಾಜಿ ಸೈನಿಕರು ಹಾಗೂ ಗ್ರಾಮಸ್ಥರು ಪಾಲ್ಗೊಂಡಿದ್ದರು.
ಹಾಸಿಲಕರಗೆ ಅತ್ಯುತ್ತಮ ಶಿಕ್ಷಕಿ ಪ್ರಶಸ್ತಿ ಪ್ರದಾನ
ಪ್ರತಿಷ್ಠಾನದ ಅವರು ನಾಗರಿಕ ಸಮಾಜದ ಬೆಳವಣಿಗೆಯಾಗಿರುವ ಅಂಗನವಾಡಿ ಕಾರ್ಯಕರ್ತೆಯರು ಸಮಾಜದ ಸಮರ್ಪಣೆಯ ಸೇವೆ ಎಲ್ಲರೂ ಸ್ಮರಿಸುವಂತಾಗಬೇಕು. ಅಂತಹ ಕೆಲಸವನ್ನು ಹಾವನೂರು ಪ್ರತಿಷ್ಠಾನ ಮಾಡಿದೆ ಎಂದರು. ಈ ಸಂದರ್ಭದಲ್ಲಿ ಸುವರ್ಣಾ ಹಾಸಿಲಕರ ಅವರನ್ನು ಪ್ರತಿಷ್ಠಾನದ ವತಿಯಿಂದ ಅತ್ಯುತ್ತಮ ಶಿಕ್ಷಕಿ ಪ್ರಶಸ್ತಿ ನೀಡಿ ಗೌರವಿಸಲಾಯಿತು.
ಕಾರ್ಯಕ್ರಮದಲ್ಲಿ ಪ್ರತಿಷ್ಠಾನದ ಪದಾಧಿಕಾರಿಗಳು, ಶಿಕ್ಷಕರು ಹಾಗೂ ಗಣ್ಯರು ಉಪಸ್ಥಿತರಿದ್ದರು.
ಇಂದಿನ ಮಕ್ಕಳು ಕ್ರಿಯಾಶೀಲ ವ್ಯಕ್ತಿತ್ವ ಹೊಂದಿದ್ದಾರೆ: ಗೌಡಗೌಡ್ರ
ಕಷ್ಟದಲ್ಲಿರುವವರಿಗೆ ಹೇಗೆ ಸಹಾಯ ಮಾಡಬೇಕು, ದೇಶಕಟ್ಟುವಲ್ಲಿ ಅವರನ್ನು ತೊಡಗಿಸಿಕೊಳ್ಳುವಂತೆ ಶಿಕ್ಷಕರು ಮಾರ್ಗದರ್ಶನ ಮಾಡಬೇಕು. ಇಂದಿನ ಮಕ್ಕಳು ಕ್ರಿಯಾಶೀಲ ವ್ಯಕ್ತಿತ್ವ ಹೊಂದಿದ್ದಾರೆ. ಅವರಲ್ಲಿರುವ ಪ್ರತಿಭೆಯನ್ನು ಗುರುತಿಸಿ ಬೆಳೆಸುವ ಜವಾಬ್ದಾರಿ ಶಿಕ್ಷಕರ ಮೇಲಿದೆ ಎಂದರು.
ಶಿಕ್ಷಕರ ದಿನಾಚರಣೆ ಅಂಗವಾಗಿ ಶಾಲೆಯ ಶಿಕ್ಷಕರನ್ನು ಸನ್ಮಾನಿಸಲಾಯಿತು. ವಿದ್ಯಾರ್ಥಿಗಳು ಸಾಂಸ್ಕೃತಿಕ ಕಾರ್ಯಕ್ರಮ ನಡೆಸಿಕೊಟ್ಟರು.
ಕಾರ್ಯಕ್ರಮದಲ್ಲಿ ಎಸ್‌ಡಿಎಂಸಿ ಅಧ್ಯಕ್ಷರು, ಸದಸ್ಯರು, ಶಾಲೆಯ ಮುಖ್ಯ ಶಿಕ್ಷಕರು, ಸಿಬ್ಬಂದಿ ವರ್ಗ ಹಾಗೂ ಪಾಲಕರು ಉಪಸ್ಥಿತರಿದ್ದರು.
